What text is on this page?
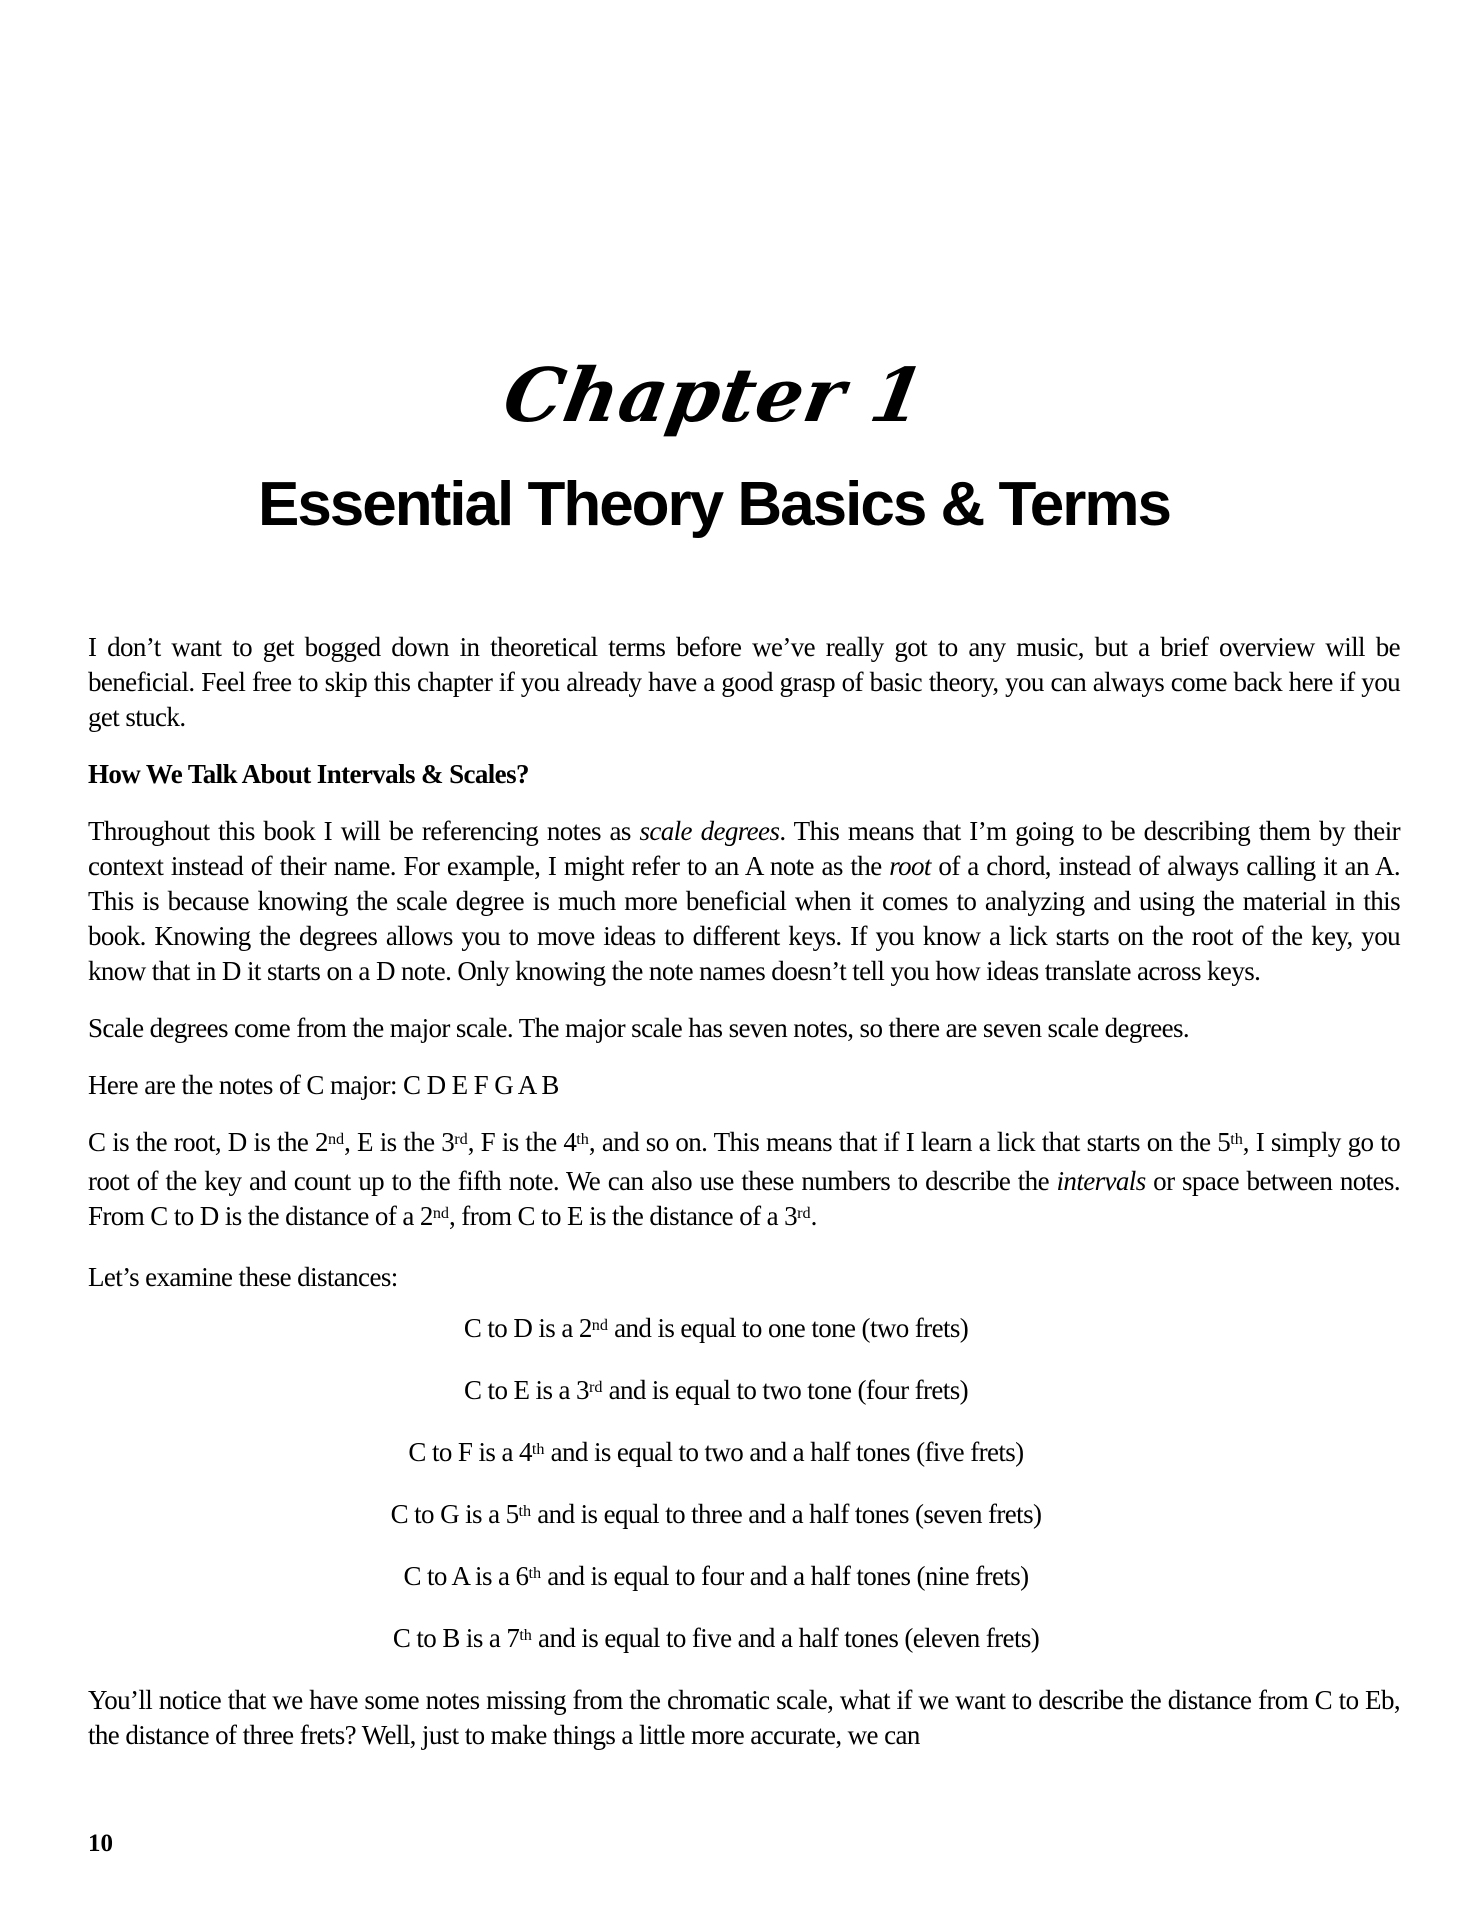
Chapter 1
Essential Theory Basics & Terms

I don’t want to get bogged down in theoretical terms before we’ve really got to any music, but a brief overview will be beneficial. Feel free to skip this chapter if you already have a good grasp of basic theory, you can always come back here if you get stuck.

How We Talk About Intervals & Scales?

Throughout this book I will be referencing notes as scale degrees. This means that I’m going to be describing them by their context instead of their name. For example, I might refer to an A note as the root of a chord, instead of always calling it an A. This is because knowing the scale degree is much more beneficial when it comes to analyzing and using the material in this book. Knowing the degrees allows you to move ideas to different keys. If you know a lick starts on the root of the key, you know that in D it starts on a D note. Only knowing the note names doesn’t tell you how ideas translate across keys.

Scale degrees come from the major scale. The major scale has seven notes, so there are seven scale degrees.

Here are the notes of C major: C D E F G A B

C is the root, D is the 2nd, E is the 3rd, F is the 4th, and so on. This means that if I learn a lick that starts on the 5th, I simply go to root of the key and count up to the fifth note. We can also use these numbers to describe the intervals or space between notes. From C to D is the distance of a 2nd, from C to E is the distance of a 3rd.

Let’s examine these distances:

C to D is a 2nd and is equal to one tone (two frets)

C to E is a 3rd and is equal to two tone (four frets)

C to F is a 4th and is equal to two and a half tones (five frets)

C to G is a 5th and is equal to three and a half tones (seven frets)

C to A is a 6th and is equal to four and a half tones (nine frets)

C to B is a 7th and is equal to five and a half tones (eleven frets)

You’ll notice that we have some notes missing from the chromatic scale, what if we want to describe the distance from C to Eb, the distance of three frets? Well, just to make things a little more accurate, we can

10
